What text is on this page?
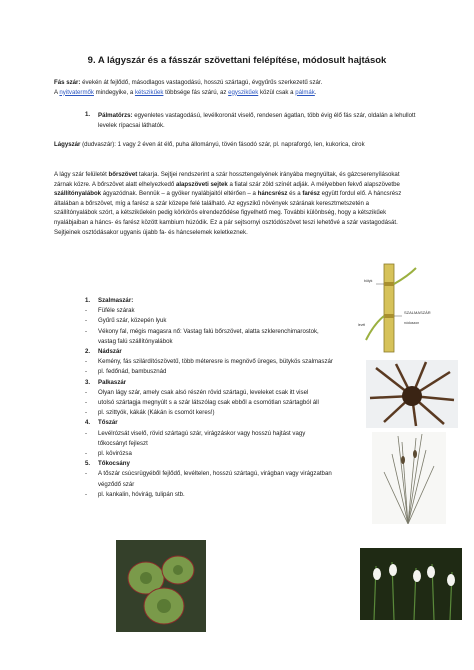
9. A lágyszár és a fásszár szövettani felépítése, módosult hajtások
Fás szár: évekén át fejlődő, másodlagos vastagodású, hosszú szártagú, évgyűrűs szerkezetű szár.
A nyitvatermők mindegyike, a kétszikűek többsége fás szárú, az egyszikűek közül csak a pálmák.
1. Pálmatörzs: egyenletes vastagodású, levélkoronát viselő, rendesen ágatlan, több évig élő fás szár, oldalán a lehullott levelek rípacsai láthatók.
Lágyszár (dudvaszár): 1 vagy 2 éven át élő, puha állományú, tövén fásodó szár, pl. napraforgó, len, kukorica, cirok
A lágy szár felületét bőrszövet takarja. Sejtjei rendszerint a szár hossztengelyének irányába megnyúltak, és gázcserenyílásokat zárnak közre. A bőrszövet alatt elhelyezkedő alapszöveti sejtek a fiatal szár zöld színét adják. A mélyebben fekvő alapszövetbe szállítónyalábok ágyazódnak. Bennük – a gyöker nyalábjaitól eltérően – a háncsrész és a farész együtt fordul elő. A háncsrész általában a bőrszövet, míg a farész a szár közepe felé található. Az egyszikű növények szárának keresztmetszetén a szállítónyalábok szórt, a kétszikűekén pedig körkörös elrendeződése figyelhető meg. További különbség, hogy a kétszikűek nyalábjaiban a háncs- és farész között kambium húzódik. Ez a pár sejtsornyi osztódószövet teszi lehetővé a szár vastagodását. Sejtjeinek osztódásakor ugyanis újabb fa- és háncselemek keletkeznek.
1. Szalmaszár:
- Füféle szárak
- Gyűrű szár, közepén lyuk
- Vékony fal, mégis magasra nő: Vastag falú bőrszövet, alatta szklerenchimarostok, vastag falú szállítónyalábok
2. Nádszár
- Kemény, fás szilárdítószövetű, több méteresre is megnövő üreges, bütykös szalmaszár
- pl. fedőnád, bambusznád
3. Palkaszár
- Olyan lágy szár, amely csak alsó részén rövid szártagú, leveleket csak itt visel
- utolsó szártagja megnyúlt s a szár látszólag csak ebből a csomótlan szártagból áll
- pl. szittyók, kákák (Kákán is csomót keres!)
4. Tőszár
- Levélrózsát viselő, rövid szártagú szár, virágzáskor vagy hosszú hajtást vagy tőkocsányt fejleszt
- pl. kövirózsa
5. Tőkocsány
- A tőszár csúcsrügyéből fejlődő, levéltelen, hosszú szártagú, virágban vagy virágzatban végződő szár
- pl. kankalin, hóvirág, tulipán stb.
SZALMASZÁR
bütyk
nóduszon
levél
